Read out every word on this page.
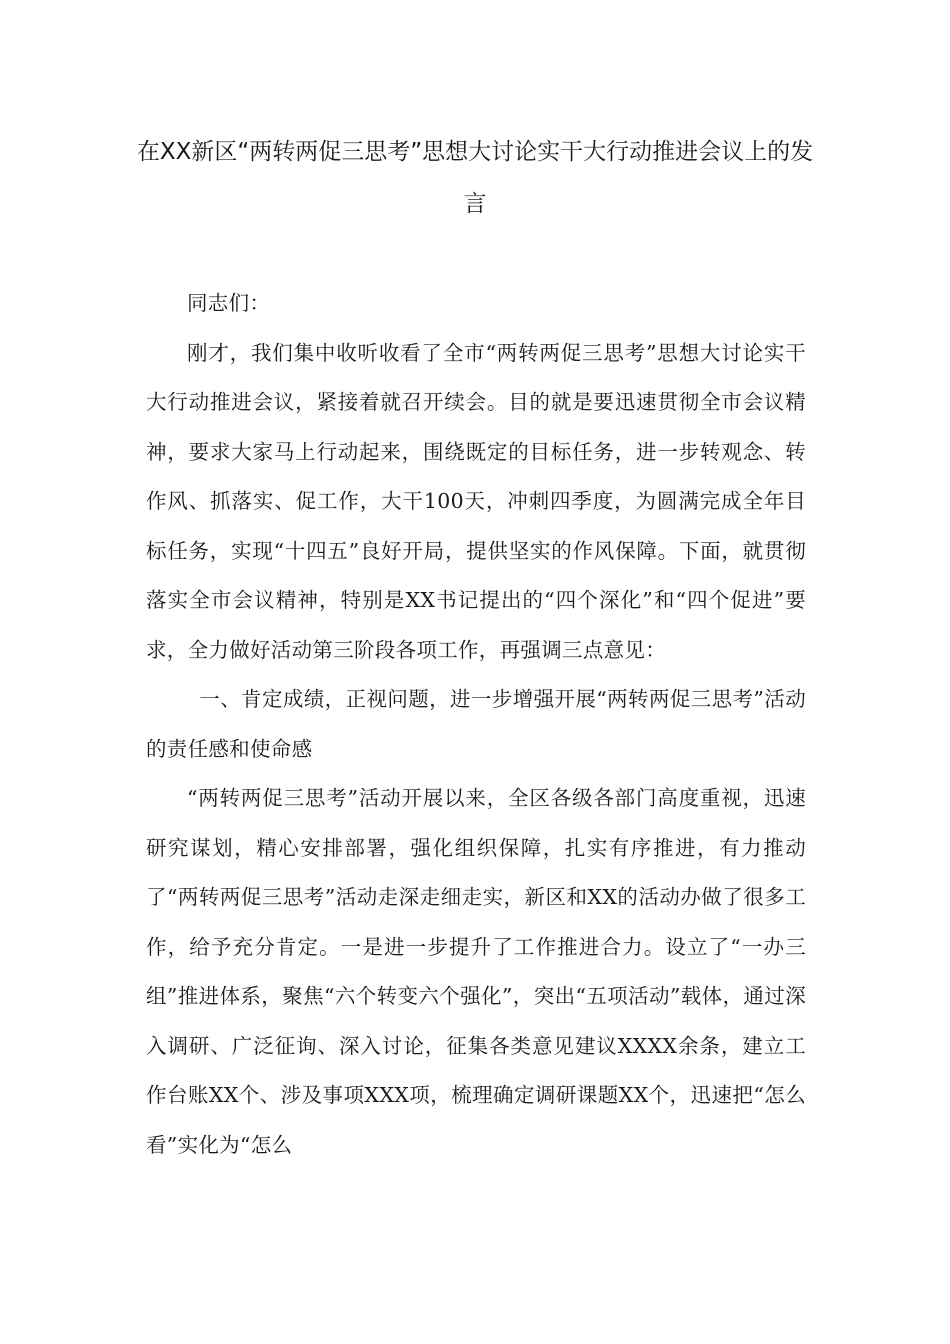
在XX新区“两转两促三思考”思想大讨论实干大行动推进会议上的发言

同志们：

刚才，我们集中收听收看了全市“两转两促三思考”思想大讨论实干大行动推进会议，紧接着就召开续会。目的就是要迅速贯彻全市会议精神，要求大家马上行动起来，围绕既定的目标任务，进一步转观念、转作风、抓落实、促工作，大干100天，冲刺四季度，为圆满完成全年目标任务，实现“十四五”良好开局，提供坚实的作风保障。下面，就贯彻落实全市会议精神，特别是XX书记提出的“四个深化”和“四个促进”要求，全力做好活动第三阶段各项工作，再强调三点意见：

一、肯定成绩，正视问题，进一步增强开展“两转两促三思考”活动的责任感和使命感

“两转两促三思考”活动开展以来，全区各级各部门高度重视，迅速研究谋划，精心安排部署，强化组织保障，扎实有序推进，有力推动了“两转两促三思考”活动走深走细走实，新区和XX的活动办做了很多工作，给予充分肯定。一是进一步提升了工作推进合力。设立了“一办三组”推进体系，聚焦“六个转变六个强化”，突出“五项活动”载体，通过深入调研、广泛征询、深入讨论，征集各类意见建议XXXX余条，建立工作台账XX个、涉及事项XXX项，梳理确定调研课题XX个，迅速把“怎么看”实化为“怎么
